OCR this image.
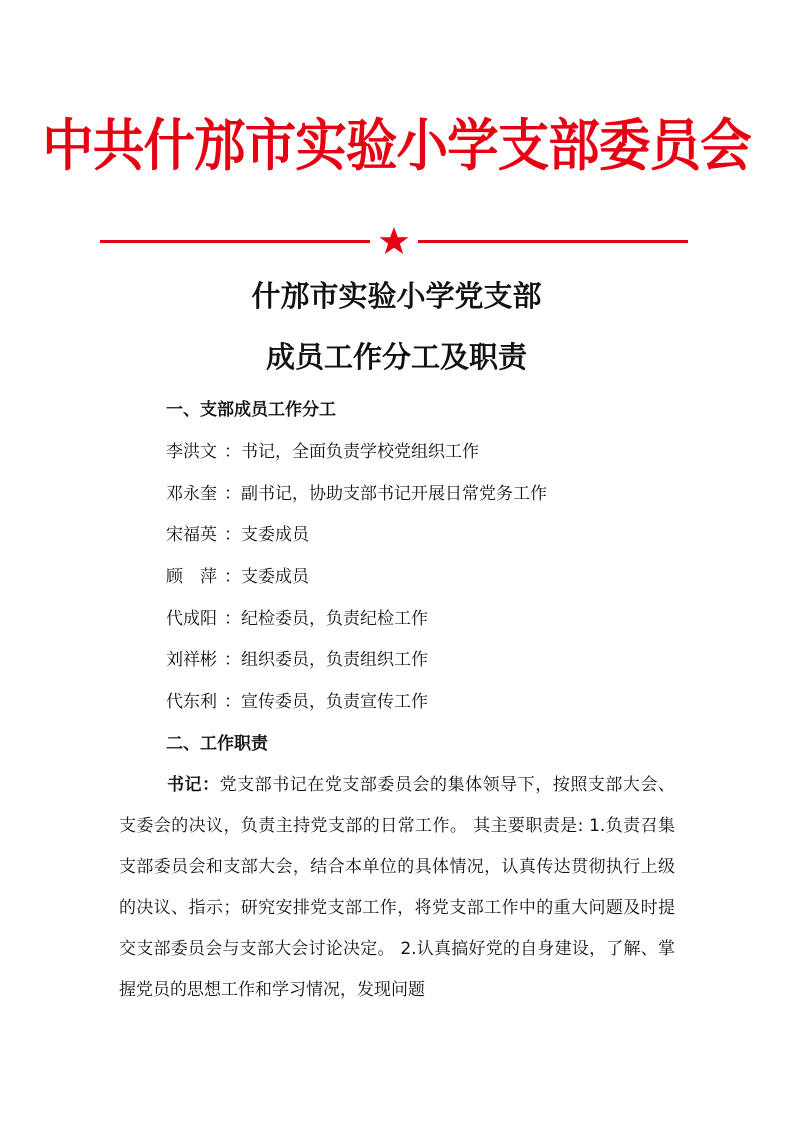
中共什邡市实验小学支部委员会
什邡市实验小学党支部
成员工作分工及职责
一、支部成员工作分工
李洪文 ：书记，全面负责学校党组织工作
邓永奎 ：副书记，协助支部书记开展日常党务工作
宋福英 ：支委成员
顾　萍 ：支委成员
代成阳 ：纪检委员，负责纪检工作
刘祥彬 ：组织委员，负责组织工作
代东利 ：宣传委员，负责宣传工作
二、工作职责

书记：党支部书记在党支部委员会的集体领导下，按照支部大会、支委会的决议，负责主持党支部的日常工作。 其主要职责是: 1.负责召集支部委员会和支部大会，结合本单位的具体情况，认真传达贯彻执行上级的决议、指示；研究安排党支部工作，将党支部工作中的重大问题及时提交支部委员会与支部大会讨论决定。 2.认真搞好党的自身建设，了解、掌握党员的思想工作和学习情况，发现问题
